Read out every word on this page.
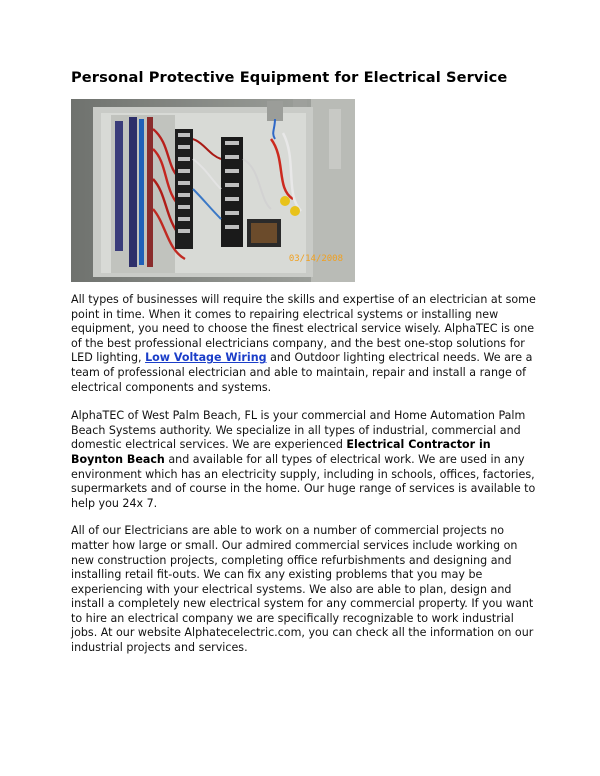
Personal Protective Equipment for Electrical Service
03/14/2008

All types of businesses will require the skills and expertise of an electrician at some point in time. When it comes to repairing electrical systems or installing new equipment, you need to choose the finest electrical service wisely. AlphaTEC is one of the best professional electricians company, and the best one-stop solutions for LED lighting, Low Voltage Wiring and Outdoor lighting electrical needs. We are a team of professional electrician and able to maintain, repair and install a range of electrical components and systems.

AlphaTEC of West Palm Beach, FL is your commercial and Home Automation Palm Beach Systems authority. We specialize in all types of industrial, commercial and domestic electrical services. We are experienced Electrical Contractor in Boynton Beach and available for all types of electrical work. We are used in any environment which has an electricity supply, including in schools, offices, factories, supermarkets and of course in the home. Our huge range of services is available to help you 24x 7.

All of our Electricians are able to work on a number of commercial projects no matter how large or small. Our admired commercial services include working on new construction projects, completing office refurbishments and designing and installing retail fit-outs. We can fix any existing problems that you may be experiencing with your electrical systems. We also are able to plan, design and install a completely new electrical system for any commercial property. If you want to hire an electrical company we are specifically recognizable to work industrial jobs. At our website Alphatecelectric.com, you can check all the information on our industrial projects and services.
